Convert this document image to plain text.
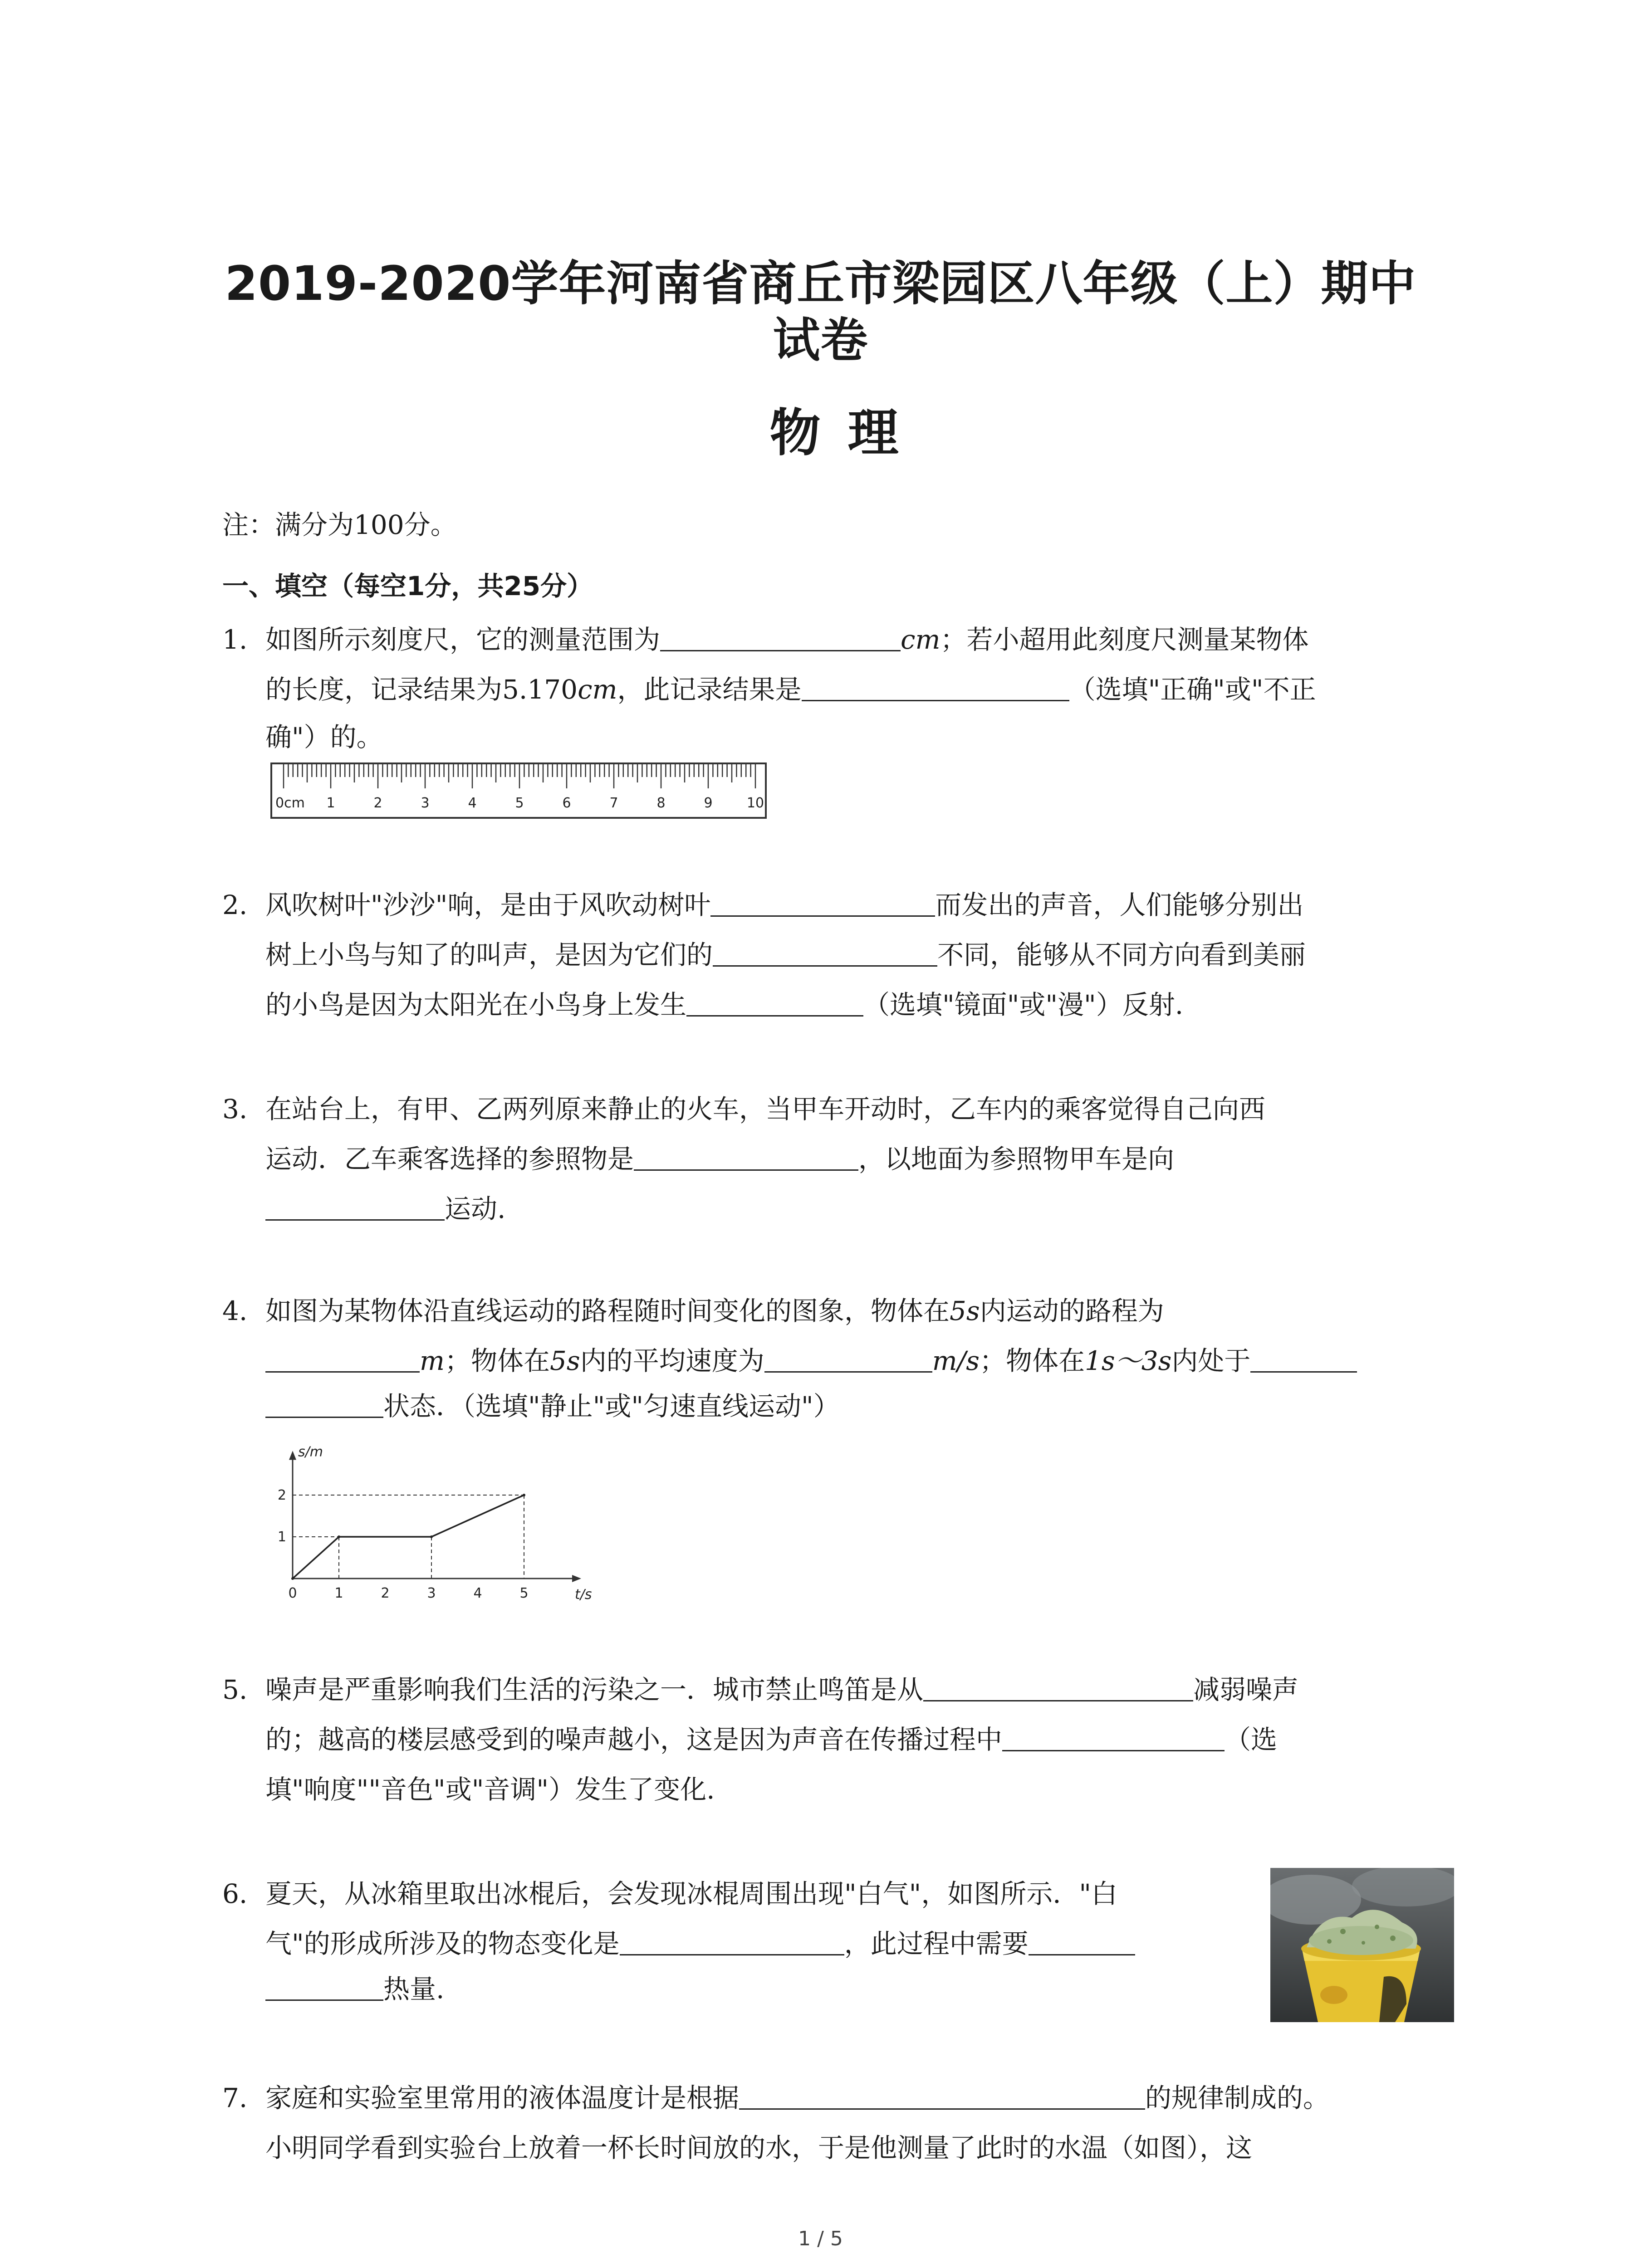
2019-2020学年河南省商丘市梁园区八年级（上）期中
试卷
物理
注：满分为100分。
一、填空（每空1分，共25分）
1. 如图所示刻度尺，它的测量范围为	cm；若小超用此刻度尺测量某物体
的长度，记录结果为5.170cm，此记录结果是	（选填"正确"或"不正
确"）的。
0cm 1	2	3	4	5	6	7	8	9	10
2. 风吹树叶"沙沙"响，是由于风吹动树叶	而发出的声音，人们能够分别出
树上小鸟与知了的叫声，是因为它们的	不同，能够从不同方向看到美丽
的小鸟是因为太阳光在小鸟身上发生	（选填"镜面"或"漫"）反射.
3. 在站台上，有甲、乙两列原来静止的火车，当甲车开动时，乙车内的乘客觉得自己向西
运动．乙车乘客选择的参照物是	，以地面为参照物甲车是向
运动.
4. 如图为某物体沿直线运动的路程随时间变化的图象，物体在5s内运动的路程为
m；物体在5s内的平均速度为	m/s；物体在1s～3s内处于
状态．（选填"静止"或"匀速直线运动"）
0	1	2	3	4	5
1
2
t/s
s/m
5. 噪声是严重影响我们生活的污染之一．城市禁止鸣笛是从	减弱噪声
的；越高的楼层感受到的噪声越小，这是因为声音在传播过程中	（选
填"响度""音色"或"音调"）发生了变化.
6. 夏天，从冰箱里取出冰棍后，会发现冰棍周围出现"白气"，如图所示．"白
气"的形成所涉及的物态变化是	，此过程中需要
热量.
7. 家庭和实验室里常用的液体温度计是根据	的规律制成的。
小明同学看到实验台上放着一杯长时间放的水，于是他测量了此时的水温（如图），这
1 / 5
